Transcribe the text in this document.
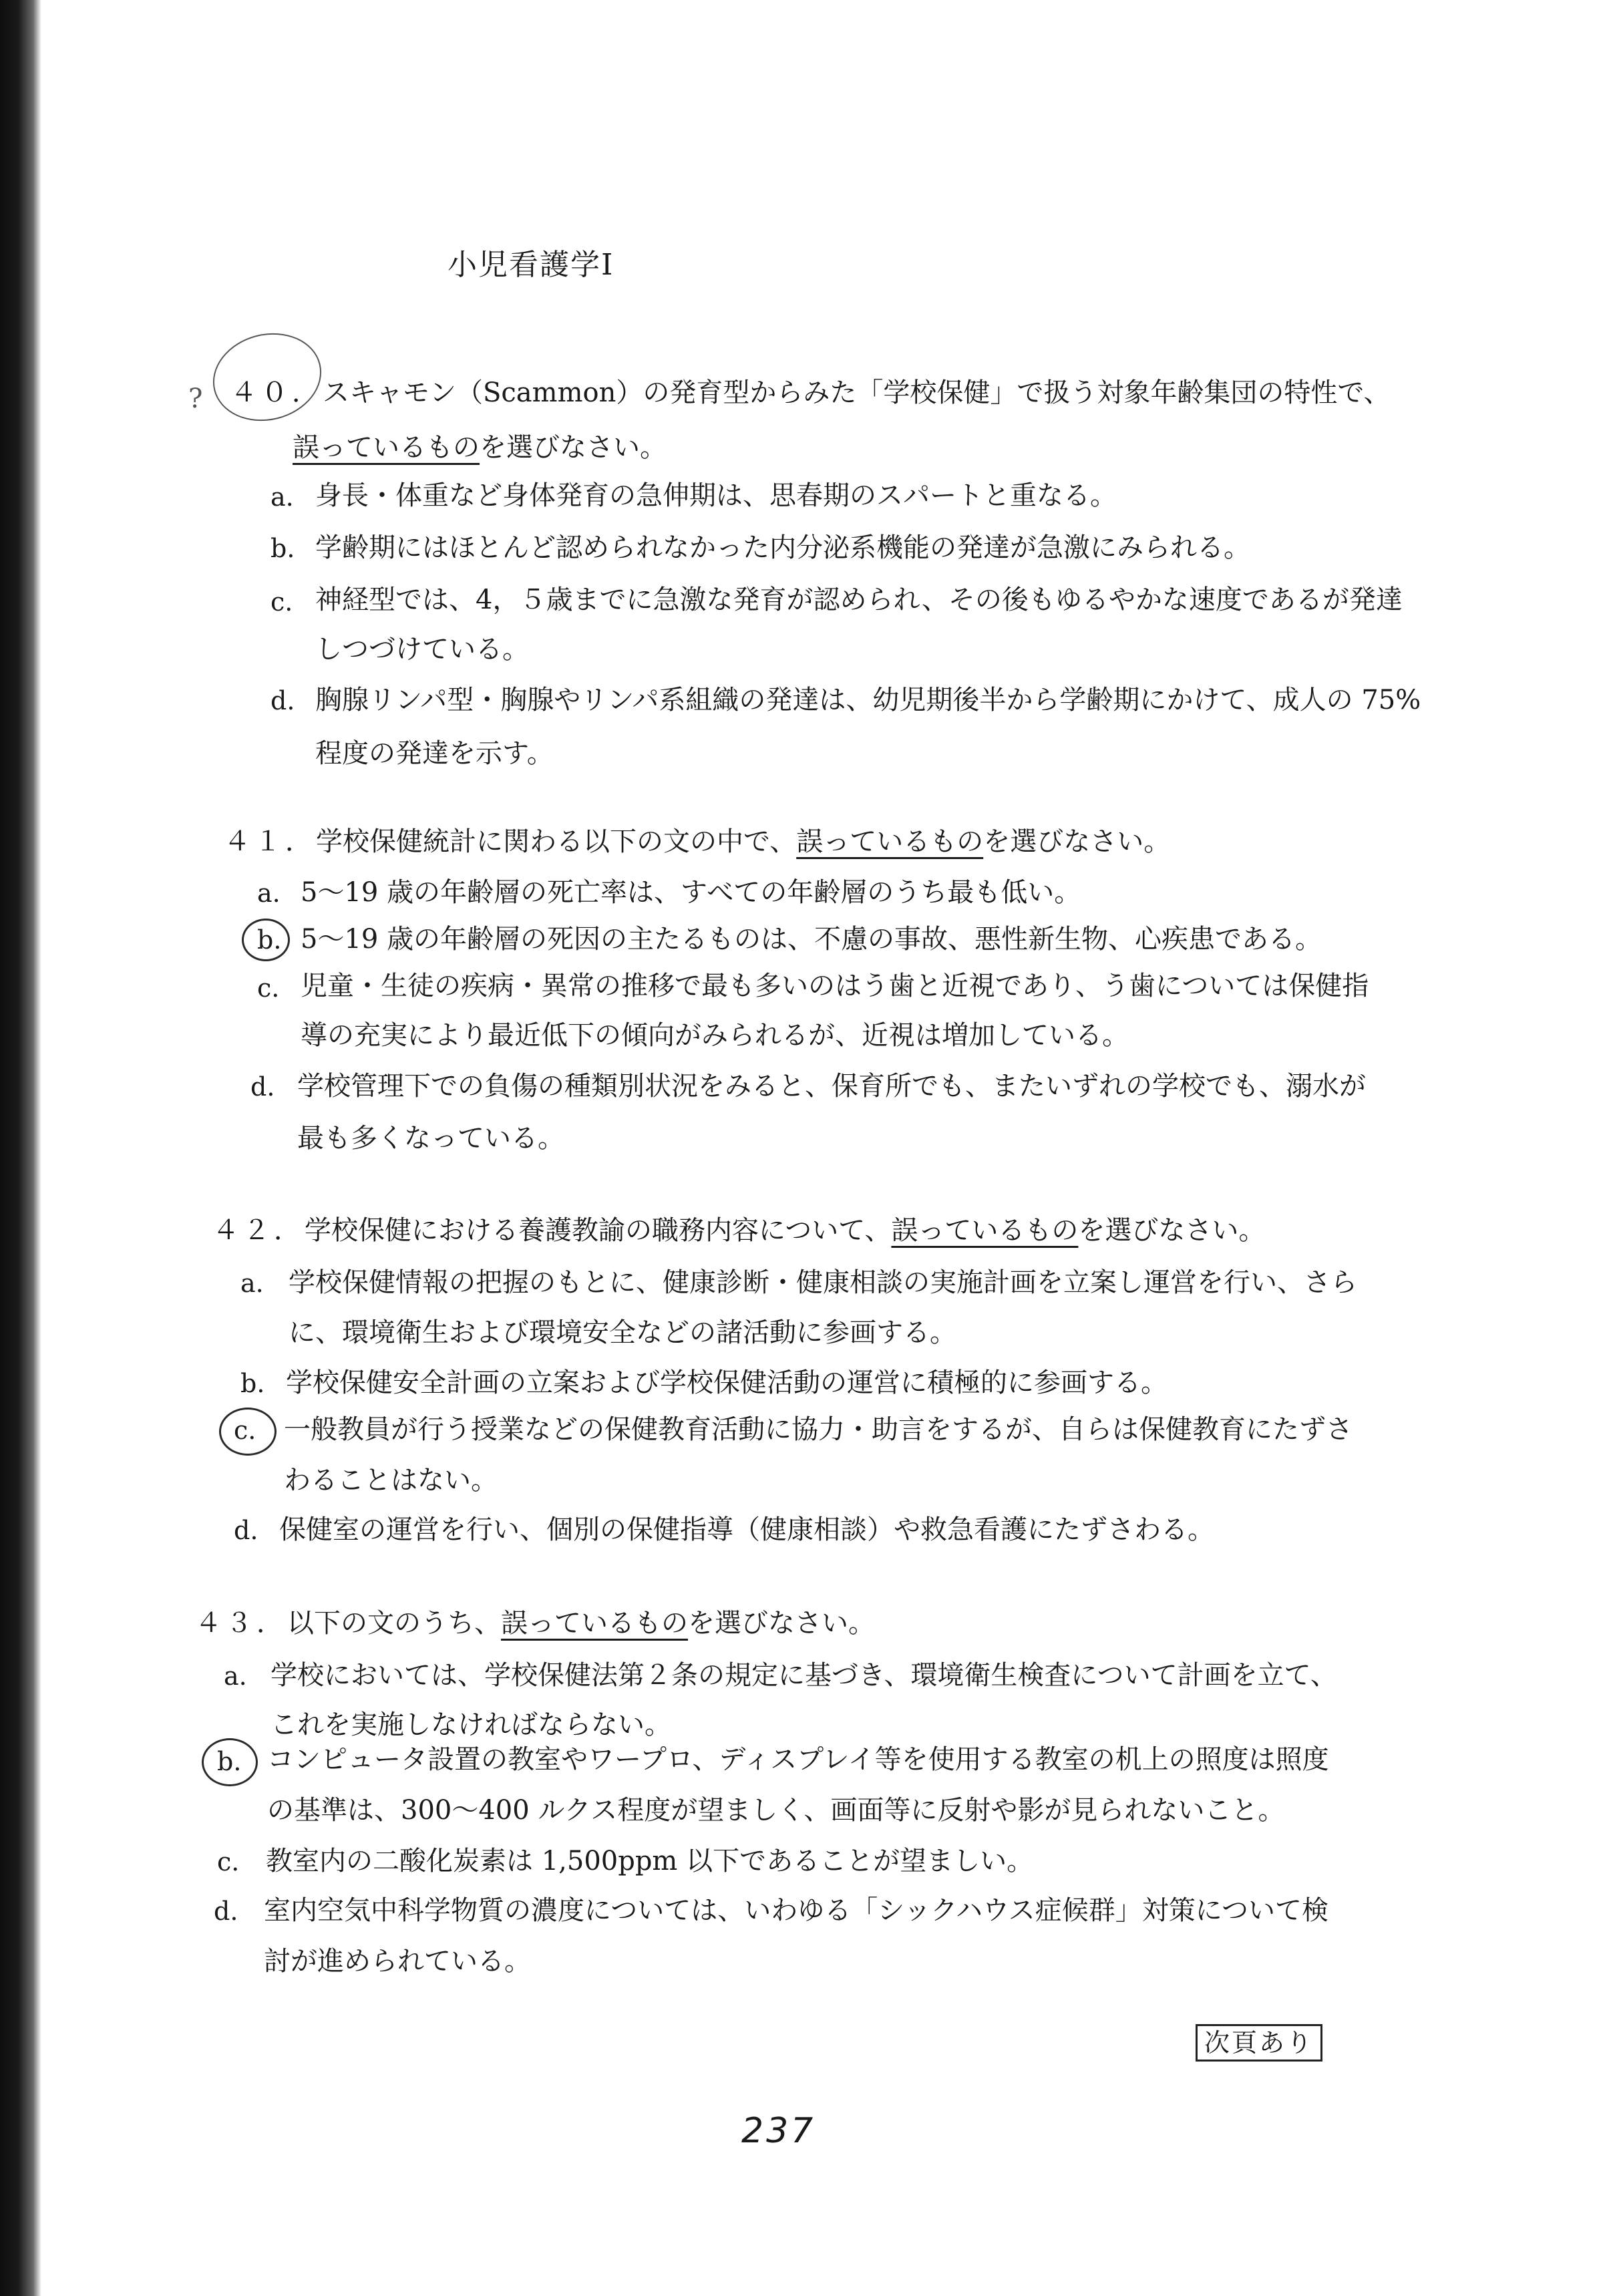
小児看護学Ⅰ
? ４０．スキャモン（Scammon）の発育型からみた「学校保健」で扱う対象年齢集団の特性で、
誤っているものを選びなさい。
a. 身長・体重など身体発育の急伸期は、思春期のスパートと重なる。
b. 学齢期にはほとんど認められなかった内分泌系機能の発達が急激にみられる。
c. 神経型では、4，５歳までに急激な発育が認められ、その後もゆるやかな速度であるが発達
しつづけている。
d. 胸腺リンパ型・胸腺やリンパ系組織の発達は、幼児期後半から学齢期にかけて、成人の 75%
程度の発達を示す。
４１．学校保健統計に関わる以下の文の中で、誤っているものを選びなさい。
a. 5〜19 歳の年齢層の死亡率は、すべての年齢層のうち最も低い。
b. 5〜19 歳の年齢層の死因の主たるものは、不慮の事故、悪性新生物、心疾患である。
c. 児童・生徒の疾病・異常の推移で最も多いのはう歯と近視であり、う歯については保健指
導の充実により最近低下の傾向がみられるが、近視は増加している。
d. 学校管理下での負傷の種類別状況をみると、保育所でも、またいずれの学校でも、溺水が
最も多くなっている。
４２．学校保健における養護教諭の職務内容について、誤っているものを選びなさい。
a. 学校保健情報の把握のもとに、健康診断・健康相談の実施計画を立案し運営を行い、さら
に、環境衛生および環境安全などの諸活動に参画する。
b. 学校保健安全計画の立案および学校保健活動の運営に積極的に参画する。
c. 一般教員が行う授業などの保健教育活動に協力・助言をするが、自らは保健教育にたずさ
わることはない。
d. 保健室の運営を行い、個別の保健指導（健康相談）や救急看護にたずさわる。
４３．以下の文のうち、誤っているものを選びなさい。
a. 学校においては、学校保健法第２条の規定に基づき、環境衛生検査について計画を立て、
これを実施しなければならない。
b. コンピュータ設置の教室やワープロ、ディスプレイ等を使用する教室の机上の照度は照度
の基準は、300〜400 ルクス程度が望ましく、画面等に反射や影が見られないこと。
c. 教室内の二酸化炭素は 1,500ppm 以下であることが望ましい。
d. 室内空気中科学物質の濃度については、いわゆる「シックハウス症候群」対策について検
討が進められている。
次頁あり
237
